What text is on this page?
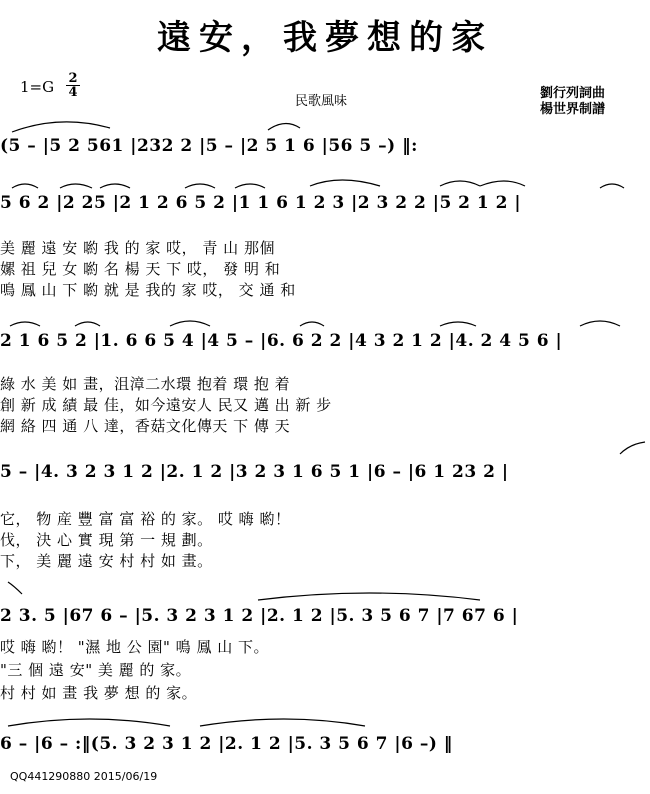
遠安，我夢想的家
1=G 2
4
民歌風味
劉行列詞曲
楊世界制譜
(5 – |5 2 561 |232 2 |5 – |2 5 1 6 |56 5 –) ‖:
5 6 2 |2 25 |2 1 2 6 5 2 |1 1 6 1 2 3 |2 3 2 2 |5 2 1 2 |
美 麗 遠 安 喲 我 的 家 哎， 青 山 那個
嫘 祖 兒 女 喲 名 楊 天 下 哎， 發 明 和
鳴 鳳 山 下 喲 就 是 我的 家 哎， 交 通 和
2 1 6 5 2 |1. 6 6 5 4 |4 5 – |6. 6 2 2 |4 3 2 1 2 |4. 2 4 5 6 |
綠 水 美 如 畫，沮漳二水環 抱着 環 抱 着
創 新 成 績 最 佳，如今遠安人 民又 邁 出 新 步
網 絡 四 通 八 達，香菇文化傳天 下 傳 天
5 – |4. 3 2 3 1 2 |2. 1 2 |3 2 3 1 6 5 1 |6 – |6 1 23 2 |
它， 物 産 豐 富 富 裕 的 家。 哎 嗨 喲！
伐， 決 心 實 現 第 一 規 劃。
下， 美 麗 遠 安 村 村 如 畫。
2 3. 5 |67 6 – |5. 3 2 3 1 2 |2. 1 2 |5. 3 5 6 7 |7 67 6 |
哎 嗨 喲！ "濕 地 公 園" 鳴 鳳 山 下。
"三 個 遠 安" 美 麗 的 家。
村 村 如 畫 我 夢 想 的 家。
6 – |6 – :‖(5. 3 2 3 1 2 |2. 1 2 |5. 3 5 6 7 |6 –) ‖
QQ441290880 2015/06/19
